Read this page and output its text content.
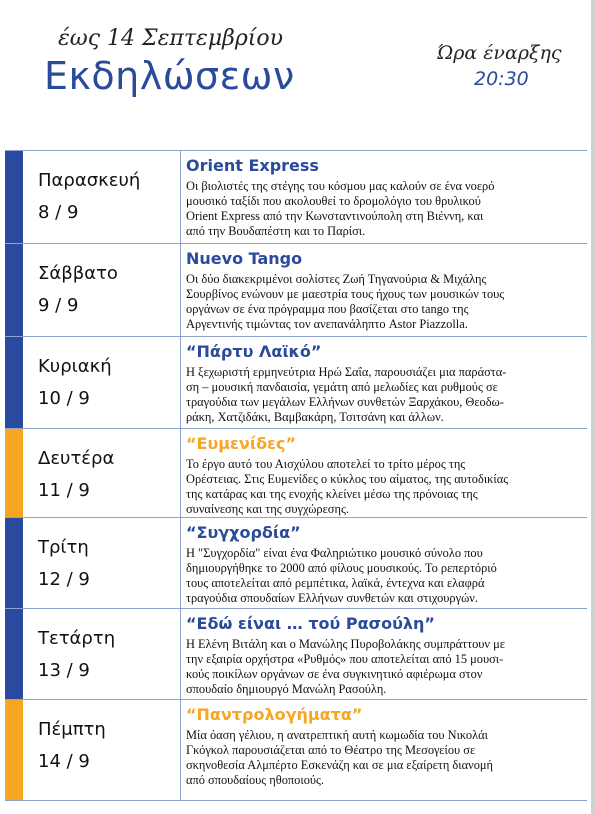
έως 14 Σεπτεμβρίου
Εκδηλώσεων
Ώρα έναρξης
20:30
Παρασκευή
8 / 9
Orient Express
Οι βιολιστές της στέγης του κόσμου μας καλούν σε ένα νοερό
μουσικό ταξίδι που ακολουθεί το δρομολόγιο του θρυλικού
Orient Express από την Κωνσταντινούπολη στη Βιέννη, και
από την Βουδαπέστη και το Παρίσι.
Σάββατο
9 / 9
Nuevo Tango
Οι δύο διακεκριμένοι σολίστες Ζωή Τηγανούρια & Μιχάλης
Σουρβίνος ενώνουν με μαεστρία τους ήχους των μουσικών τους
οργάνων σε ένα πρόγραμμα που βασίζεται στο tango της
Αργεντινής τιμώντας τον ανεπανάληπτο Astor Piazzolla.
Κυριακή
10 / 9
“Πάρτυ Λαϊκό”
Η ξεχωριστή ερμηνεύτρια Ηρώ Σαΐα, παρουσιάζει μια παράστα-
ση – μουσική πανδαισία, γεμάτη από μελωδίες και ρυθμούς σε
τραγούδια των μεγάλων Ελλήνων συνθετών Ξαρχάκου, Θεοδω-
ράκη, Χατζιδάκι, Βαμβακάρη, Τσιτσάνη και άλλων.
Δευτέρα
11 / 9
“Ευμενίδες”
Το έργο αυτό του Αισχύλου αποτελεί το τρίτο μέρος της
Ορέστειας. Στις Ευμενίδες ο κύκλος του αίματος, της αυτοδικίας
της κατάρας και της ενοχής κλείνει μέσω της πρόνοιας της
συναίνεσης και της συγχώρεσης.
Τρίτη
12 / 9
“Συγχορδία”
Η "Συγχορδία" είναι ένα Φαληριώτικο μουσικό σύνολο που
δημιουργήθηκε το 2000 από φίλους μουσικούς. Το ρεπερτόριό
τους αποτελείται από ρεμπέτικα, λαϊκά, έντεχνα και ελαφρά
τραγούδια σπουδαίων Ελλήνων συνθετών και στιχουργών.
Τετάρτη
13 / 9
“Εδώ είναι … τού Ρασούλη”
Η Ελένη Βιτάλη και ο Μανώλης Πυροβολάκης συμπράττουν με
την εξαιρία ορχήστρα «Ρυθμός» που αποτελείται από 15 μουσι-
κούς ποικίλων οργάνων σε ένα συγκινητικό αφιέρωμα στον
σπουδαίο δημιουργό Μανώλη Ρασούλη.
Πέμπτη
14 / 9
“Παντρολογήματα”
Μία όαση γέλιου, η ανατρεπτική αυτή κωμωδία του Νικολάι
Γκόγκολ παρουσιάζεται από το Θέατρο της Μεσογείου σε
σκηνοθεσία Αλμπέρτο Εσκενάζη και σε μια εξαίρετη διανομή
από σπουδαίους ηθοποιούς.
